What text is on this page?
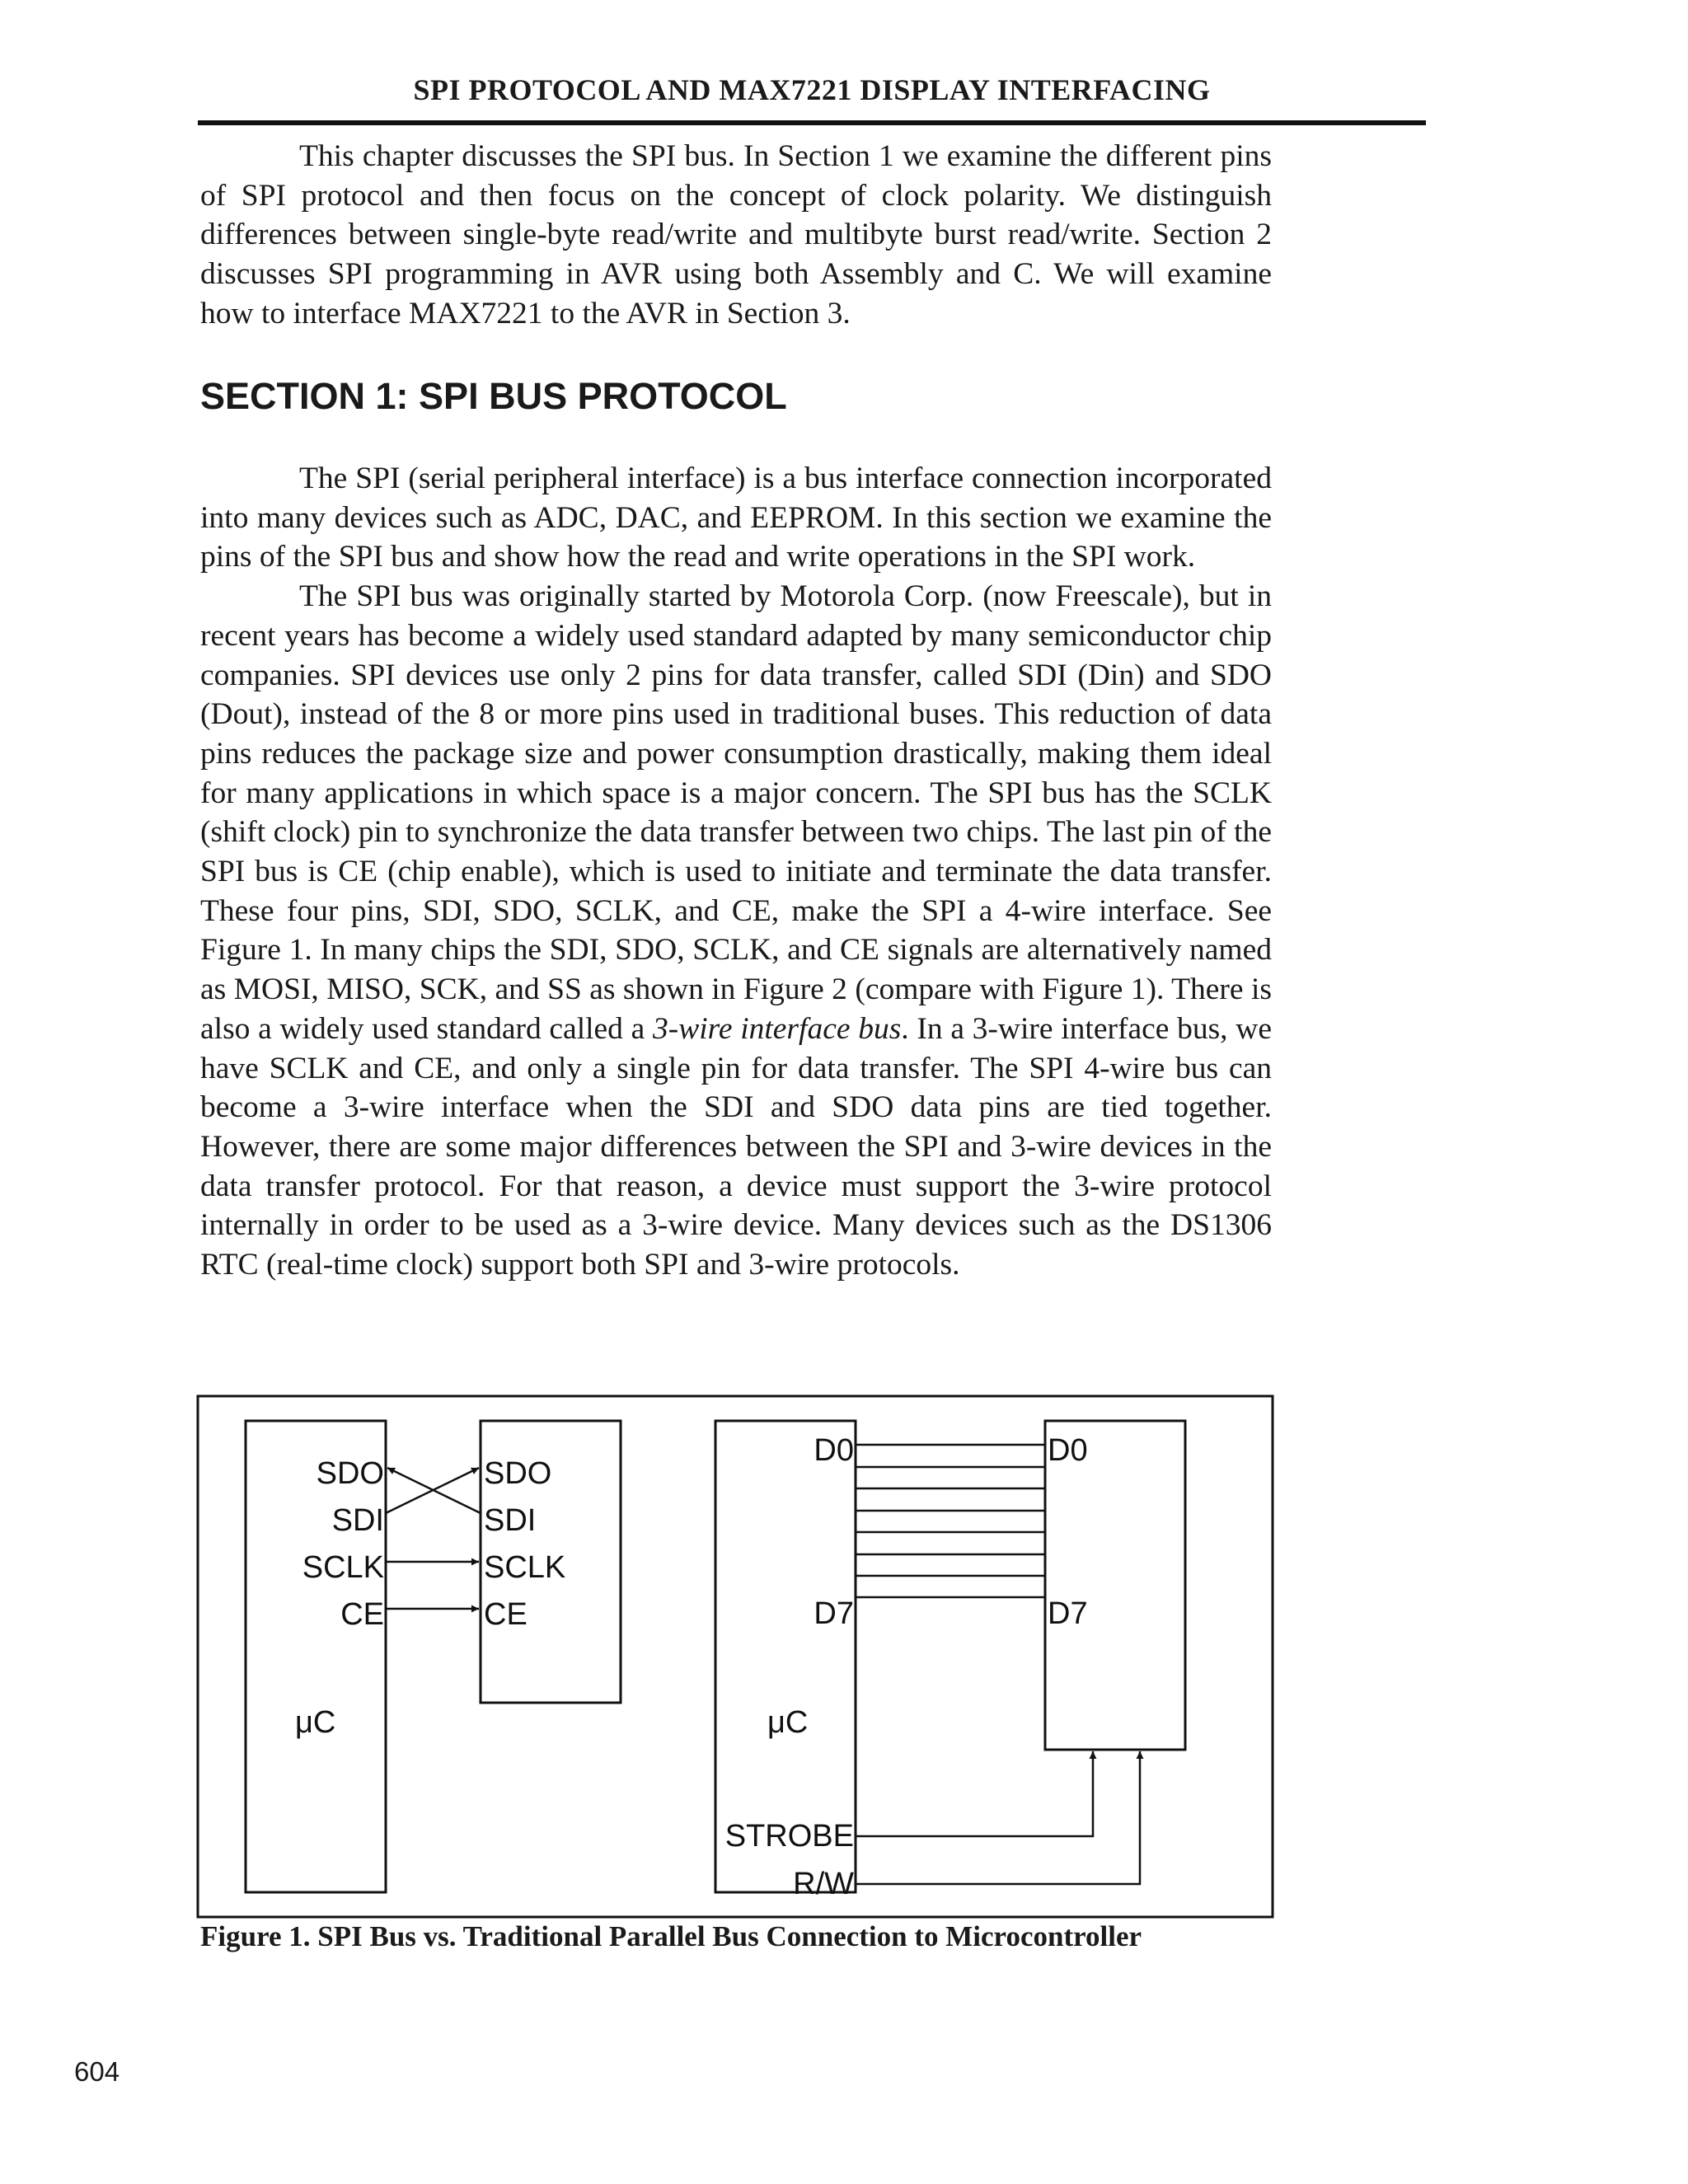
SPI PROTOCOL AND MAX7221 DISPLAY INTERFACING

This chapter discusses the SPI bus. In Section 1 we examine the different pins of SPI protocol and then focus on the concept of clock polarity. We distinguish differences between single-byte read/write and multibyte burst read/write. Section 2 discusses SPI programming in AVR using both Assembly and C. We will examine how to interface MAX7221 to the AVR in Section 3.

SECTION 1: SPI BUS PROTOCOL

The SPI (serial peripheral interface) is a bus interface connection incorporated into many devices such as ADC, DAC, and EEPROM. In this section we examine the pins of the SPI bus and show how the read and write operations in the SPI work.

The SPI bus was originally started by Motorola Corp. (now Freescale), but in recent years has become a widely used standard adapted by many semiconductor chip companies. SPI devices use only 2 pins for data transfer, called SDI (Din) and SDO (Dout), instead of the 8 or more pins used in traditional buses. This reduction of data pins reduces the package size and power consumption drastically, making them ideal for many applications in which space is a major concern. The SPI bus has the SCLK (shift clock) pin to synchronize the data transfer between two chips. The last pin of the SPI bus is CE (chip enable), which is used to initiate and terminate the data transfer. These four pins, SDI, SDO, SCLK, and CE, make the SPI a 4-wire interface. See Figure 1. In many chips the SDI, SDO, SCLK, and CE signals are alternatively named as MOSI, MISO, SCK, and SS as shown in Figure 2 (compare with Figure 1). There is also a widely used standard called a 3-wire interface bus. In a 3-wire interface bus, we have SCLK and CE, and only a single pin for data transfer. The SPI 4-wire bus can become a 3-wire interface when the SDI and SDO data pins are tied together. However, there are some major differences between the SPI and 3-wire devices in the data transfer protocol. For that reason, a device must support the 3-wire protocol internally in order to be used as a 3-wire device. Many devices such as the DS1306 RTC (real-time clock) support both SPI and 3-wire protocols.

SDO
SDI
SCLK
CE
SDO
SDI
SCLK
CE
μC
D0
D7
D0
D7
μC
STROBE
R/W
Figure 1. SPI Bus vs. Traditional Parallel Bus Connection to Microcontroller
604
